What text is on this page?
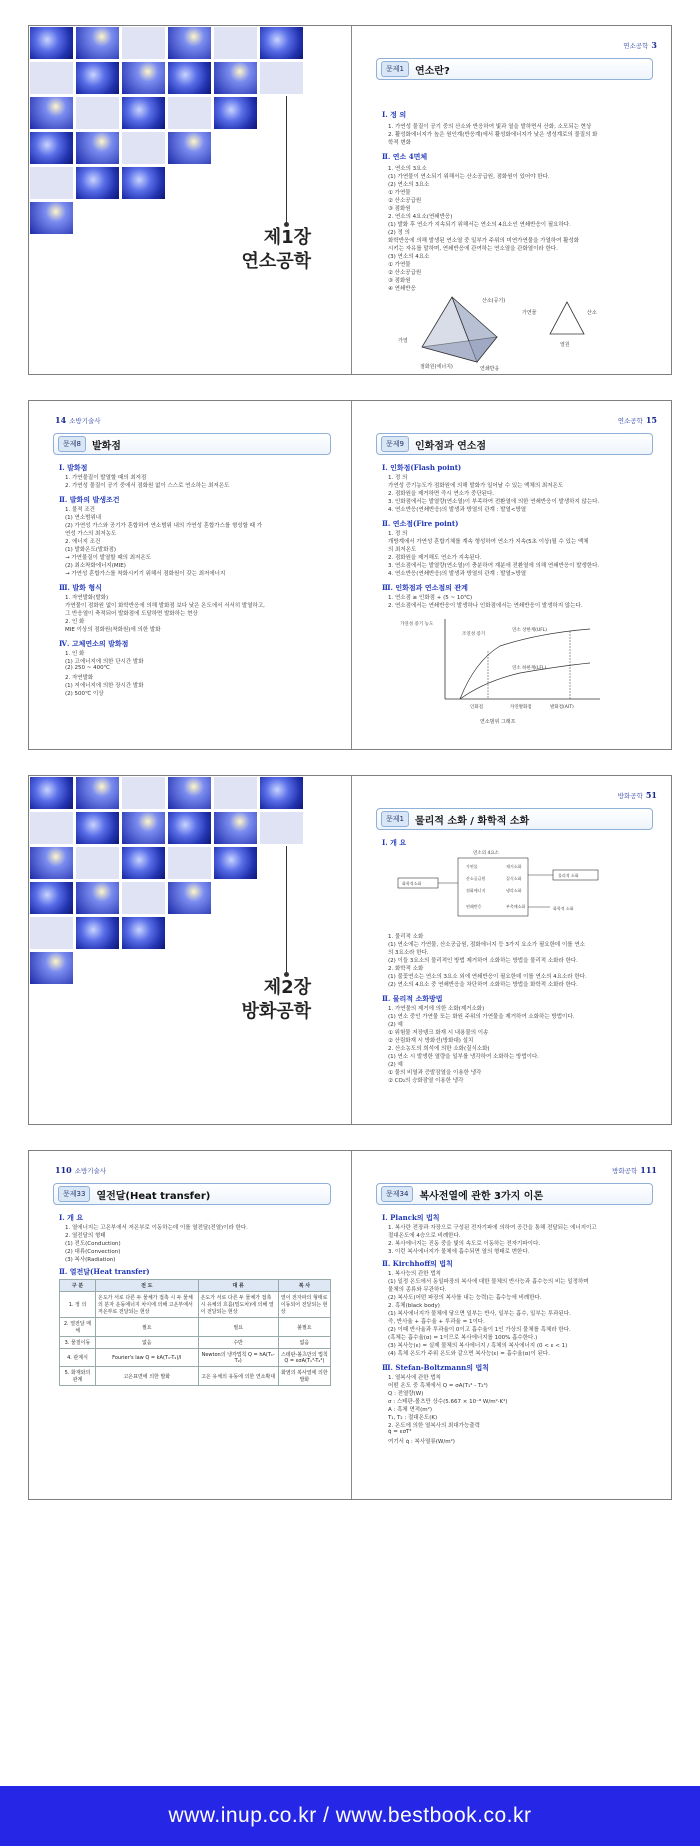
제1장
연소공학
연소공학 3
문제1	연소란?
Ⅰ. 정 의
1. 가연성 물질이 공기 중의 산소와 반응하여 빛과 열을 발하면서 산화, 소모되는 현상
2. 활성화에너지가 높은 원인계(반응계)에서 활성화에너지가 낮은 생성계로의 물질의 화
학적 변화
Ⅱ. 연소 4면체
1. 연소의 3요소
(1) 가연물이 연소되기 위해서는 산소공급원, 점화원이 있어야 한다.
(2) 연소의 3요소
① 가연물
② 산소공급원
③ 점화원
2. 연소의 4요소(연쇄반응)
(1) 발화 후 연소가 지속되기 위해서는 연소의 4요소인 연쇄반응이 필요하다.
(2) 정 의
화학반응에 의해 발생된 연소열 중 일부가 주위의 미연가연물을 가열하여 활성화
시키는 자유를 말하며, 연쇄반응에 관여하는 연소열을 관화열이라 한다.
(3) 연소의 4요소
① 가연물
② 산소공급원
③ 점화원
④ 연쇄반응
산소(공기)
가열
점화원(에너지)	연쇄반응
가연물	산소
열원
14 소방기술사
문제8	발화점
Ⅰ. 발화점
1. 가연물질이 발열할 때의 최저점
2. 가연성 물질이 공기 중에서 점화원 없이 스스로 연소하는 최저온도
Ⅱ. 발화의 발생조건
1. 물적 조건
(1) 연소범위내
(2) 가연성 가스와 공기가 혼합하여 연소범위 내의 가연성 혼합가스를 형성할 때 가
연성 가스의 최저농도
2. 에너지 조건
(1) 발화온도(발화점)
→ 가연물질이 발열할 때의 최저온도
(2) 최소착화에너지(MIE)
→ 가연성 혼합가스를 착화시키기 위해서 점화원이 갖는 최저에너지
Ⅲ. 발화 형식
1. 자연발화(발화)
가연물이 점화원 없이 화학반응에 의해 발화점 보다 낮은 온도에서 서서히 발열하고,
그 반응열이 축적되어 발화점에 도달하면 발화하는 현상
2. 인 화
MIE 이상의 점화원(착화원)에 의한 발화
Ⅳ. 고체연소의 발화점
1. 인 화
(1) 고에너지에 의한 단시간 발화
(2) 250 ~ 400℃
2. 자연발화
(1) 저에너지에 의한 장시간 발화
(2) 500℃ 이상
연소공학 15
문제9	인화점과 연소점
Ⅰ. 인화점(Flash point)
1. 정 의
가연성 증기농도가 점화원에 의해 발화가 일어날 수 있는 액체의 최저온도
2. 점화원을 제거하면 즉시 연소가 중단된다.
3. 인화점에서는 발열량(연소열)이 부족하여 전환열에 의한 연쇄반응이 발생하지 않는다.
4. 연소반응(연쇄반응)의 발생과 방열의 관계 : 발열<방열
Ⅱ. 연소점(Fire point)
1. 정 의
개방계에서 가연성 혼합기체를 계속 형성하여 연소가 지속(5초 이상)될 수 있는 액체
의 최저온도
2. 점화원을 제거해도 연소가 지속된다.
3. 연소점에서는 발열량(연소열)이 충분하여 재분에 전환열에 의해 연쇄반응이 발생한다.
4. 연소반응(연쇄반응)의 발생과 방열의 관계 : 발열>방열
Ⅲ. 인화점과 연소점의 관계
1. 연소점 ≥ 인화점 + (5 ~ 10℃)
2. 연소점에서는 연쇄반응이 발생하나 인화점에서는 연쇄반응이 발생하지 않는다.
가연성 증기 농도
조연성 증기
연소 상한계(UFL)
인화점
연소 하한계(LFL)
발화점(AIT)
자연발화점
연소범위 그래프
제2장
방화공학
방화공학 51
문제1	물리적 소화 / 화학적 소화
Ⅰ. 개 요
연소의 4요소
화학적소화
가연물
산소공급원
점화에너지
연쇄반응
제거소화
질식소화
냉각소화
부촉매소화
물리적 소화
화학적 소화
1. 물리적 소화
(1) 연소에는 가연물, 산소공급원, 점화에너지 등 3가지 요소가 필요한데 이를 연소
의 3요소라 한다.
(2) 이들 3요소의 물리적인 방법 제거하여 소화하는 방법을 물리적 소화라 한다.
2. 화학적 소화
(1) 불꽃연소는 연소의 3요소 외에 연쇄반응이 필요한데 이를 연소의 4요소라 한다.
(2) 연소의 4요소 중 연쇄반응을 차단하여 소화하는 방법을 화학적 소화라 한다.
Ⅱ. 물리적 소화방법
1. 가연물의 제거에 의한 소화(제거소화)
(1) 연소 중인 가연물 또는 화원 주위의 가연물을 제거하여 소화하는 방법이다.
(2) 예
① 위험물 저장탱크 화재 시 내용물의 이송
② 산림화재 시 방화선(방화대) 설치
2. 산소농도의 희석에 의한 소화(질식소화)
(1) 연소 시 발생한 열량을 일부를 냉각하여 소화하는 방법이다.
(2) 예
① 물의 비열과 증발잠열을 이용한 냉각
② CO₂의 승화잠열 이용한 냉각
110 소방기술사
문제33	열전달(Heat transfer)
Ⅰ. 개 요
1. 열에너지는 고온부에서 저온부로 이동하는데 이를 열전달(전열)이라 한다.
2. 열전달의 형태
(1) 전도(Conduction)
(2) 대류(Convection)
(3) 복사(Radiation)
Ⅱ. 열전달(Heat transfer)
구 분	전 도	대 류	복 사
1. 정 의	온도가 서로 다른 두 물체가 접촉 시 두 물체의 분자 운동에너지 차이에 의해 고온부에서 저온부로 전달되는 현상	온도가 서로 다른 두 물체가 접촉 시 유체의 흐름(밀도차)에 의해 열이 전달되는 현상	열이 전자파의 형태로 이동되어 전달되는 현상
2. 열전달 매체	필요	필요	불필요
3. 물질이동	없음	수반	없음
4. 관계식	Fourier's law Q = kA(T₁-T₂)/l	Newton의 냉각법칙 Q = hA(T₁-T₂)	스테판-볼츠만의 법칙 Q = εσA(T₁⁴-T₂⁴)
5. 화재와의 관계	고온표면에 의한 발화	고온 유체의 유동에 의한 연소확대	화염의 복사열에 의한 발화
방화공학 111
문제34	복사전열에 관한 3가지 이론
Ⅰ. Planck의 법칙
1. 복사란 전장과 자장으로 구성된 전자기파에 의하여 공간을 통해 전달되는 에너지이고
절대온도에 4승으로 비례한다.
2. 복사에너지는 진동 중을 빛의 속도로 이동하는 전자기파이다.
3. 이런 복사에너지가 물체에 흡수되면 열의 형태로 변한다.
Ⅱ. Kirchhoff의 법칙
1. 복사능의 관한 법칙
(1) 일정 온도에서 동일파장의 복사에 대한 물체의 반사능과 흡수능의 비는 일정하며
물체의 종류와 무관하다.
(2) 복사도(어떤 파장의 복사를 내는 능력)는 흡수능에 비례한다.
2. 흑체(black body)
(1) 복사에너지가 물체에 닿으면 일부는 반사, 일부는 흡수, 일부는 투과된다.
즉, 반사율 + 흡수율 + 투과율 = 1이다.
(2) 이때 반사율과 투과율이 0이고 흡수율이 1인 가상의 물체를 흑체라 한다.
(흑체는 흡수율(α) = 1이므로 복사에너지를 100% 흡수한다.)
(3) 복사능(ε) = 실제 물체의 복사에너지 / 흑체의 복사에너지 (0 < ε < 1)
(4) 흑체 온도가 주위 온도와 같으면 복사능(ε) = 흡수율(α)이 된다.
Ⅲ. Stefan-Boltzmann의 법칙
1. 열복사에 관한 법칙
어떤 온도 중 흑체에서 Q = σA(T₁⁴ - T₂⁴)
Q : 전열량(W)
σ : 스테판-볼츠만 상수(5.667 × 10⁻⁸ W/m²·K⁴)
A : 흑체 면적(m²)
T₁, T₂ : 절대온도(K)
2. 온도에 의한 열복사의 최대가능출력
q̇ = εσT⁴
여기서 q̇ : 복사열류(W/m²)
www.inup.co.kr / www.bestbook.co.kr
